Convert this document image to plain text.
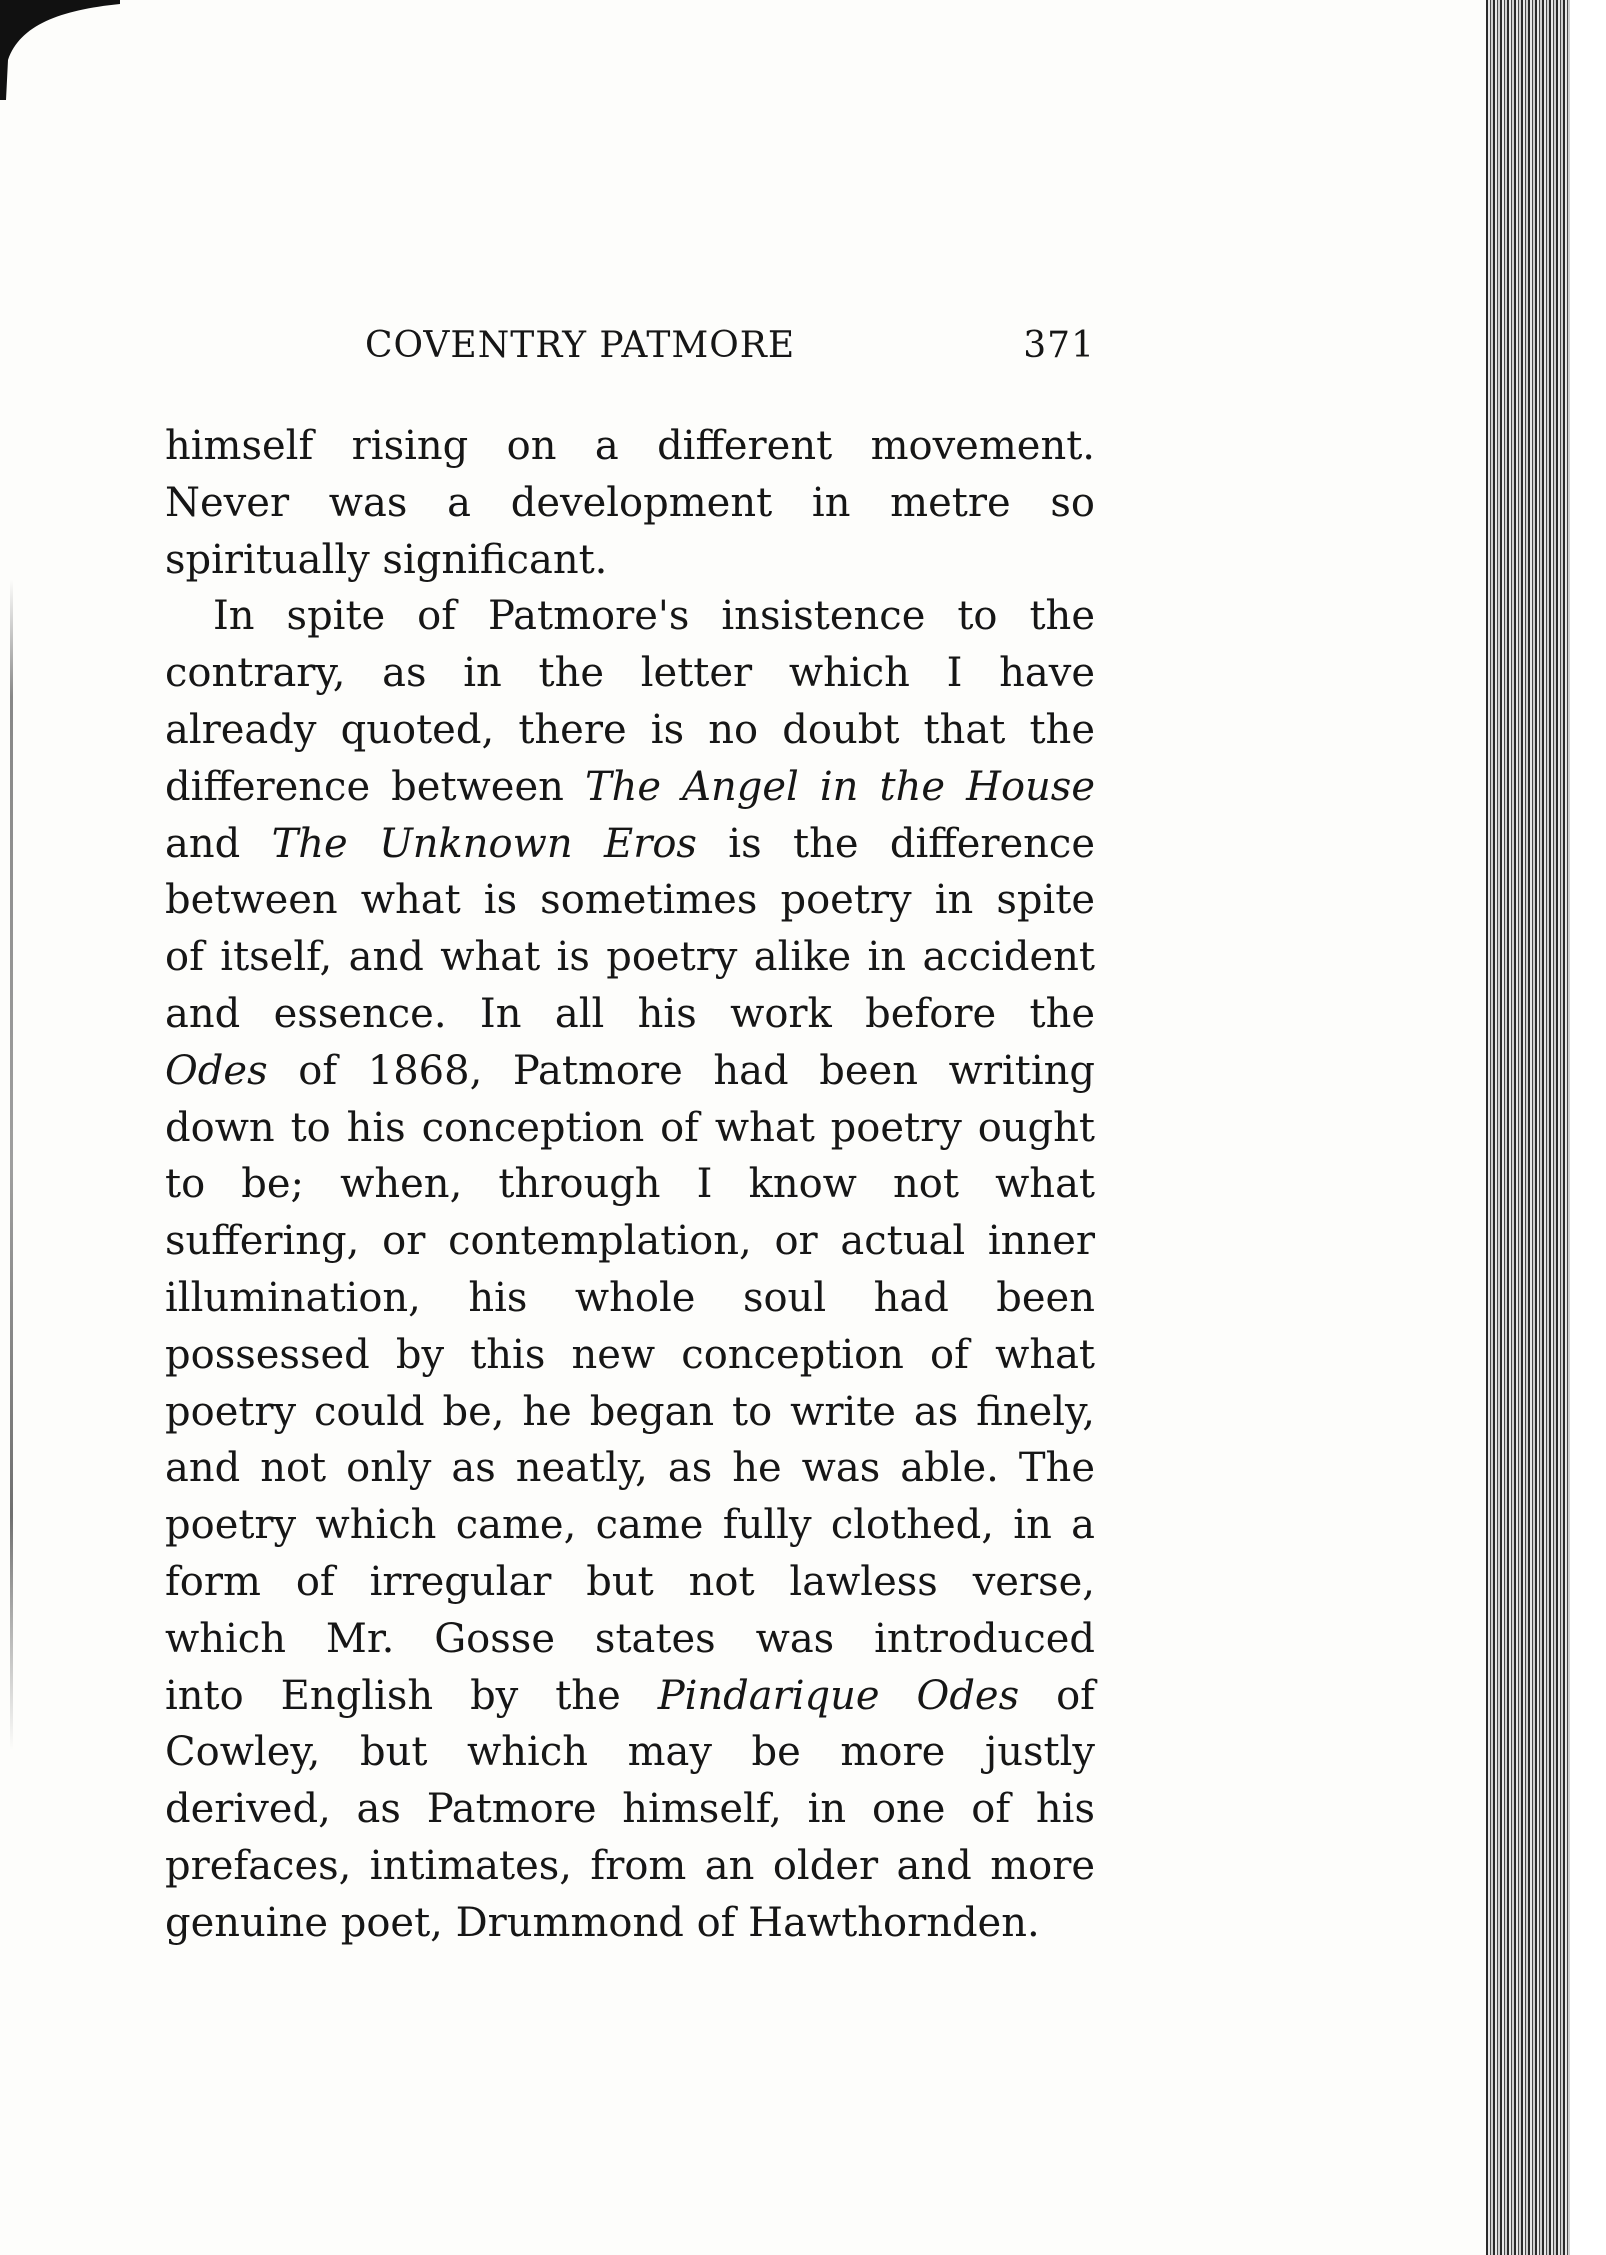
COVENTRY PATMORE	371
himself rising on a different movement.
Never was a development in metre so
spiritually significant.
In spite of Patmore's insistence to the
contrary, as in the letter which I have
already quoted, there is no doubt that the
difference between The Angel in the House
and The Unknown Eros is the difference
between what is sometimes poetry in spite
of itself, and what is poetry alike in accident
and essence. In all his work before the
Odes of 1868, Patmore had been writing
down to his conception of what poetry ought
to be; when, through I know not what
suffering, or contemplation, or actual inner
illumination, his whole soul had been
possessed by this new conception of what
poetry could be, he began to write as finely,
and not only as neatly, as he was able. The
poetry which came, came fully clothed, in a
form of irregular but not lawless verse,
which Mr. Gosse states was introduced
into English by the Pindarique Odes of
Cowley, but which may be more justly
derived, as Patmore himself, in one of his
prefaces, intimates, from an older and more
genuine poet, Drummond of Hawthornden.
